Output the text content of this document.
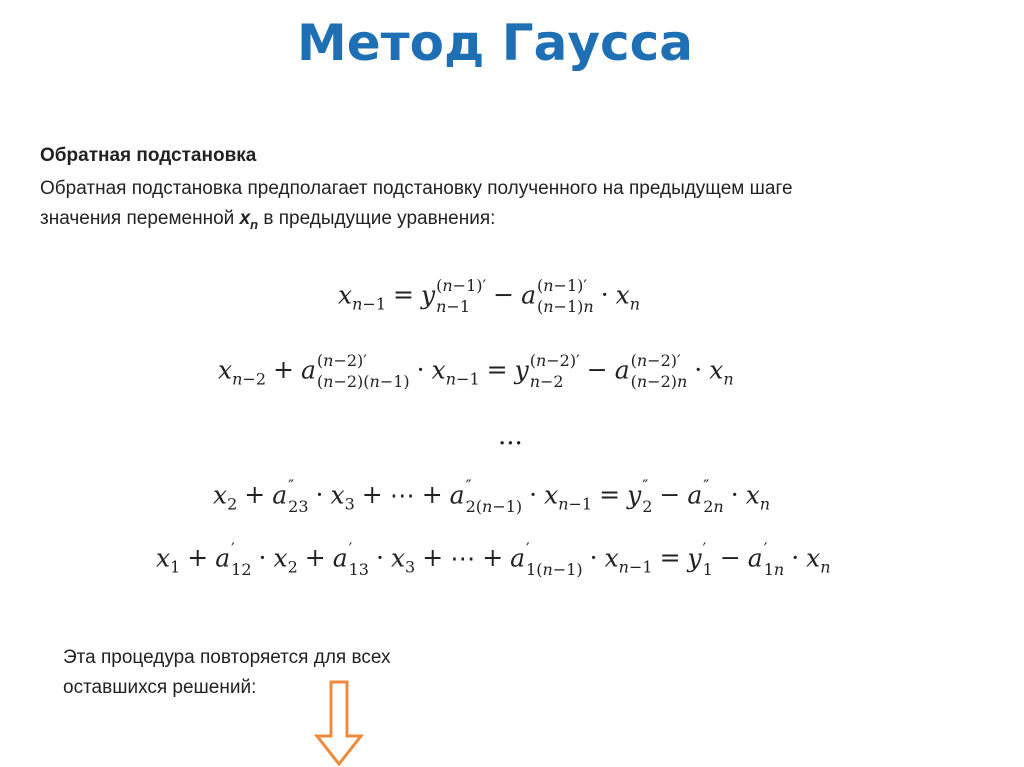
Метод Гаусса
Обратная подстановка
Обратная подстановка предполагает подстановку полученного на предыдущем шаге
значения переменной $x_n$ в предыдущие уравнения:
$x_{n-1} = y$ (n−1)′
n−1 − a (n−1)′
$(n-1)n \cdot x_n$
$x_{n-2} + a$ (n−2)′
$(n-2)(n-1) \cdot x_{n-1} = y$ (n−2)′
n−2 − a (n−2)′
$(n-2)n \cdot x_n$
...
$x_2 + a$ ″
$23 \cdot x_3$ + ⋯ + a ″
$2(n-1) \cdot x_{n-1} = y$ ″
2 − a ″
$2n \cdot x_n$
$x_1 + a$ ′
$12 \cdot x_2 + a$ ′
$13 \cdot x_3$ + ⋯ + a ′
$1(n-1) \cdot x_{n-1} = y$ ′
1 − a ′
$1n \cdot x_n$
Эта процедура повторяется для всех
оставшихся решений:
